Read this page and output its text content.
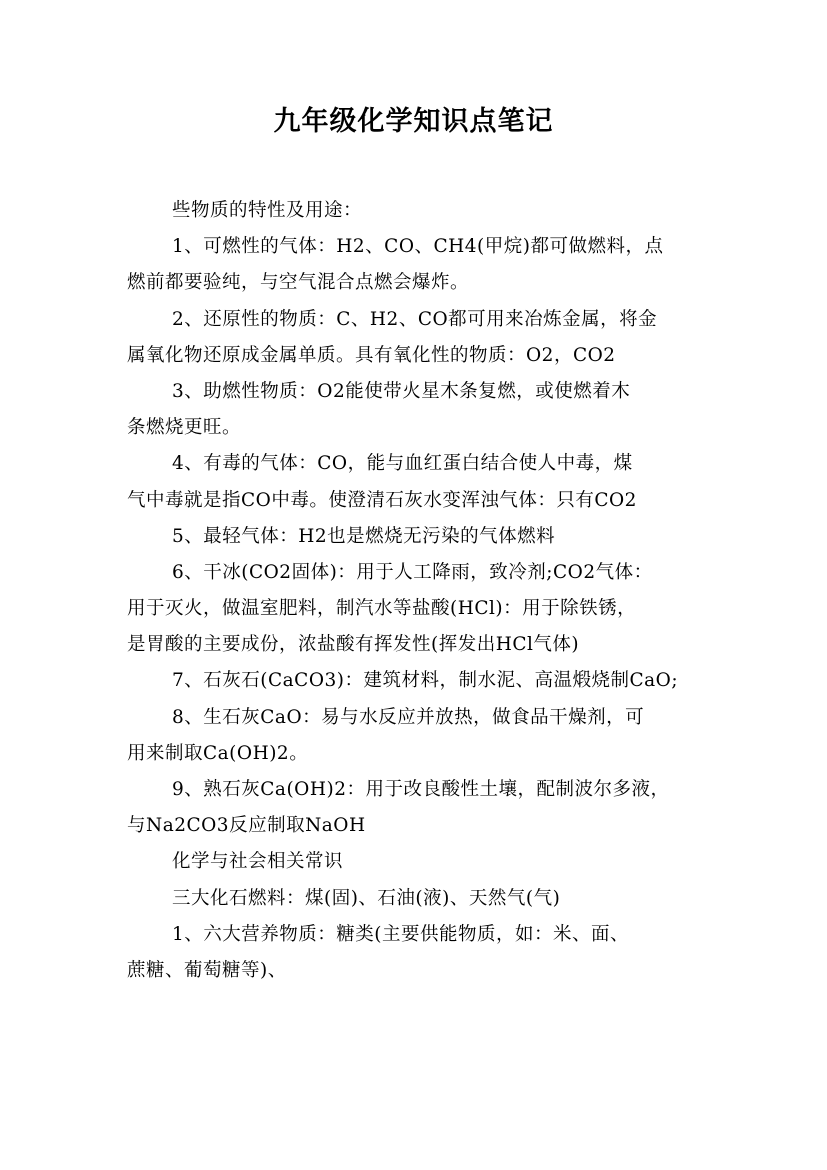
九年级化学知识点笔记
些物质的特性及用途：
1、可燃性的气体：H2、CO、CH4(甲烷)都可做燃料，点
燃前都要验纯，与空气混合点燃会爆炸。
2、还原性的物质：C、H2、CO都可用来冶炼金属，将金
属氧化物还原成金属单质。具有氧化性的物质：O2，CO2
3、助燃性物质：O2能使带火星木条复燃，或使燃着木
条燃烧更旺。
4、有毒的气体：CO，能与血红蛋白结合使人中毒，煤
气中毒就是指CO中毒。使澄清石灰水变浑浊气体：只有CO2
5、最轻气体：H2也是燃烧无污染的气体燃料
6、干冰(CO2固体)：用于人工降雨，致冷剂;CO2气体：
用于灭火，做温室肥料，制汽水等盐酸(HCl)：用于除铁锈，
是胃酸的主要成份，浓盐酸有挥发性(挥发出HCl气体)
7、石灰石(CaCO3)：建筑材料，制水泥、高温煅烧制CaO;
8、生石灰CaO：易与水反应并放热，做食品干燥剂，可
用来制取Ca(OH)2。
9、熟石灰Ca(OH)2：用于改良酸性土壤，配制波尔多液，
与Na2CO3反应制取NaOH
化学与社会相关常识
三大化石燃料：煤(固)、石油(液)、天然气(气)
1、六大营养物质：糖类(主要供能物质，如：米、面、
蔗糖、葡萄糖等)、
